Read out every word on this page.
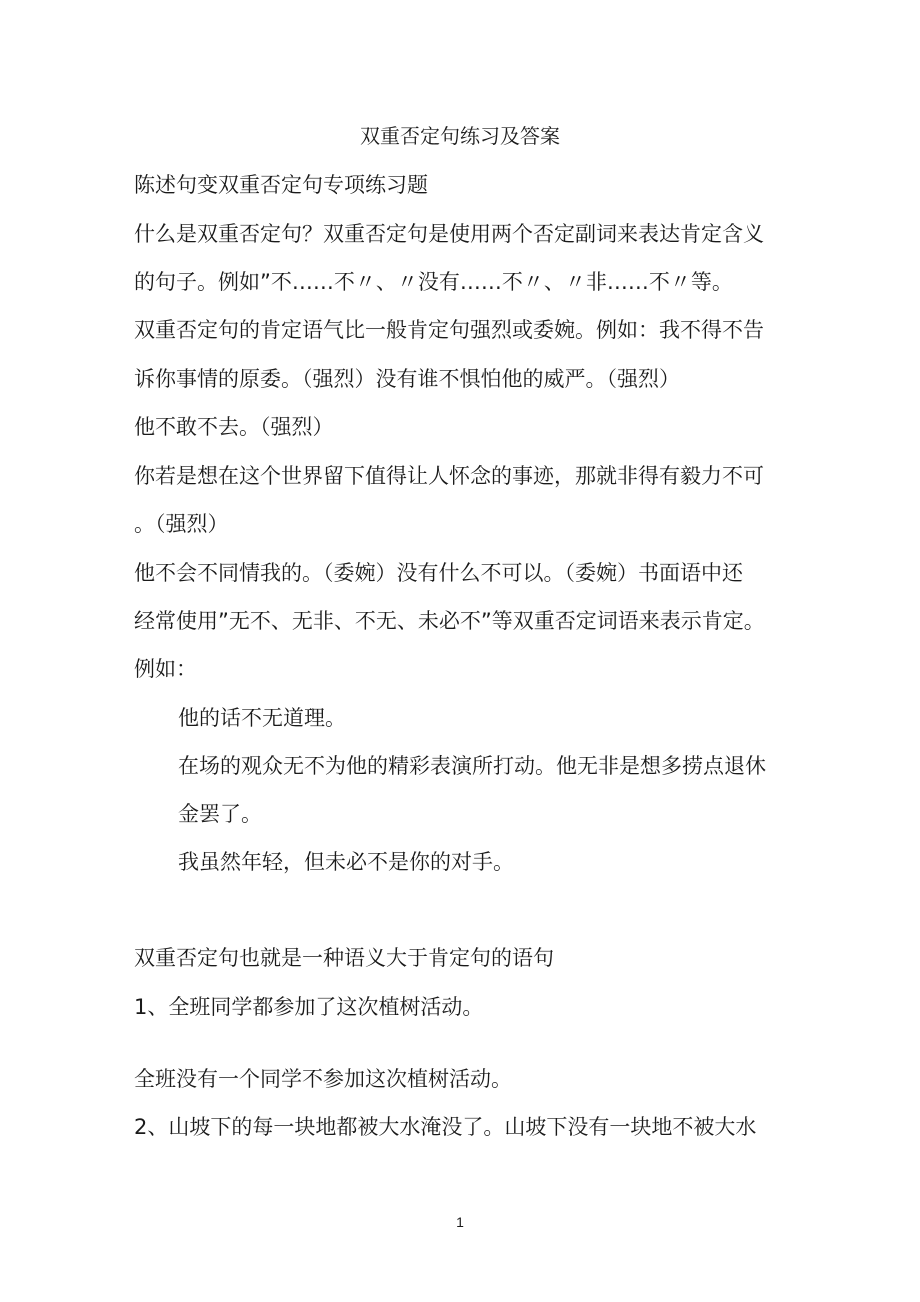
双重否定句练习及答案
陈述句变双重否定句专项练习题
什么是双重否定句？双重否定句是使用两个否定副词来表达肯定含义
的句子。例如”不……不〃、〃没有……不〃、〃非……不〃等。
双重否定句的肯定语气比一般肯定句强烈或委婉。例如：我不得不告
诉你事情的原委。（强烈）没有谁不惧怕他的威严。（强烈）
他不敢不去。（强烈）
你若是想在这个世界留下值得让人怀念的事迹，那就非得有毅力不可
。（强烈）
他不会不同情我的。（委婉）没有什么不可以。（委婉）书面语中还
经常使用”无不、无非、不无、未必不”等双重否定词语来表示肯定。
例如：
他的话不无道理。
在场的观众无不为他的精彩表演所打动。他无非是想多捞点退休
金罢了。
我虽然年轻，但未必不是你的对手。
双重否定句也就是一种语义大于肯定句的语句
1、全班同学都参加了这次植树活动。
全班没有一个同学不参加这次植树活动。
2、山坡下的每一块地都被大水淹没了。山坡下没有一块地不被大水
1
